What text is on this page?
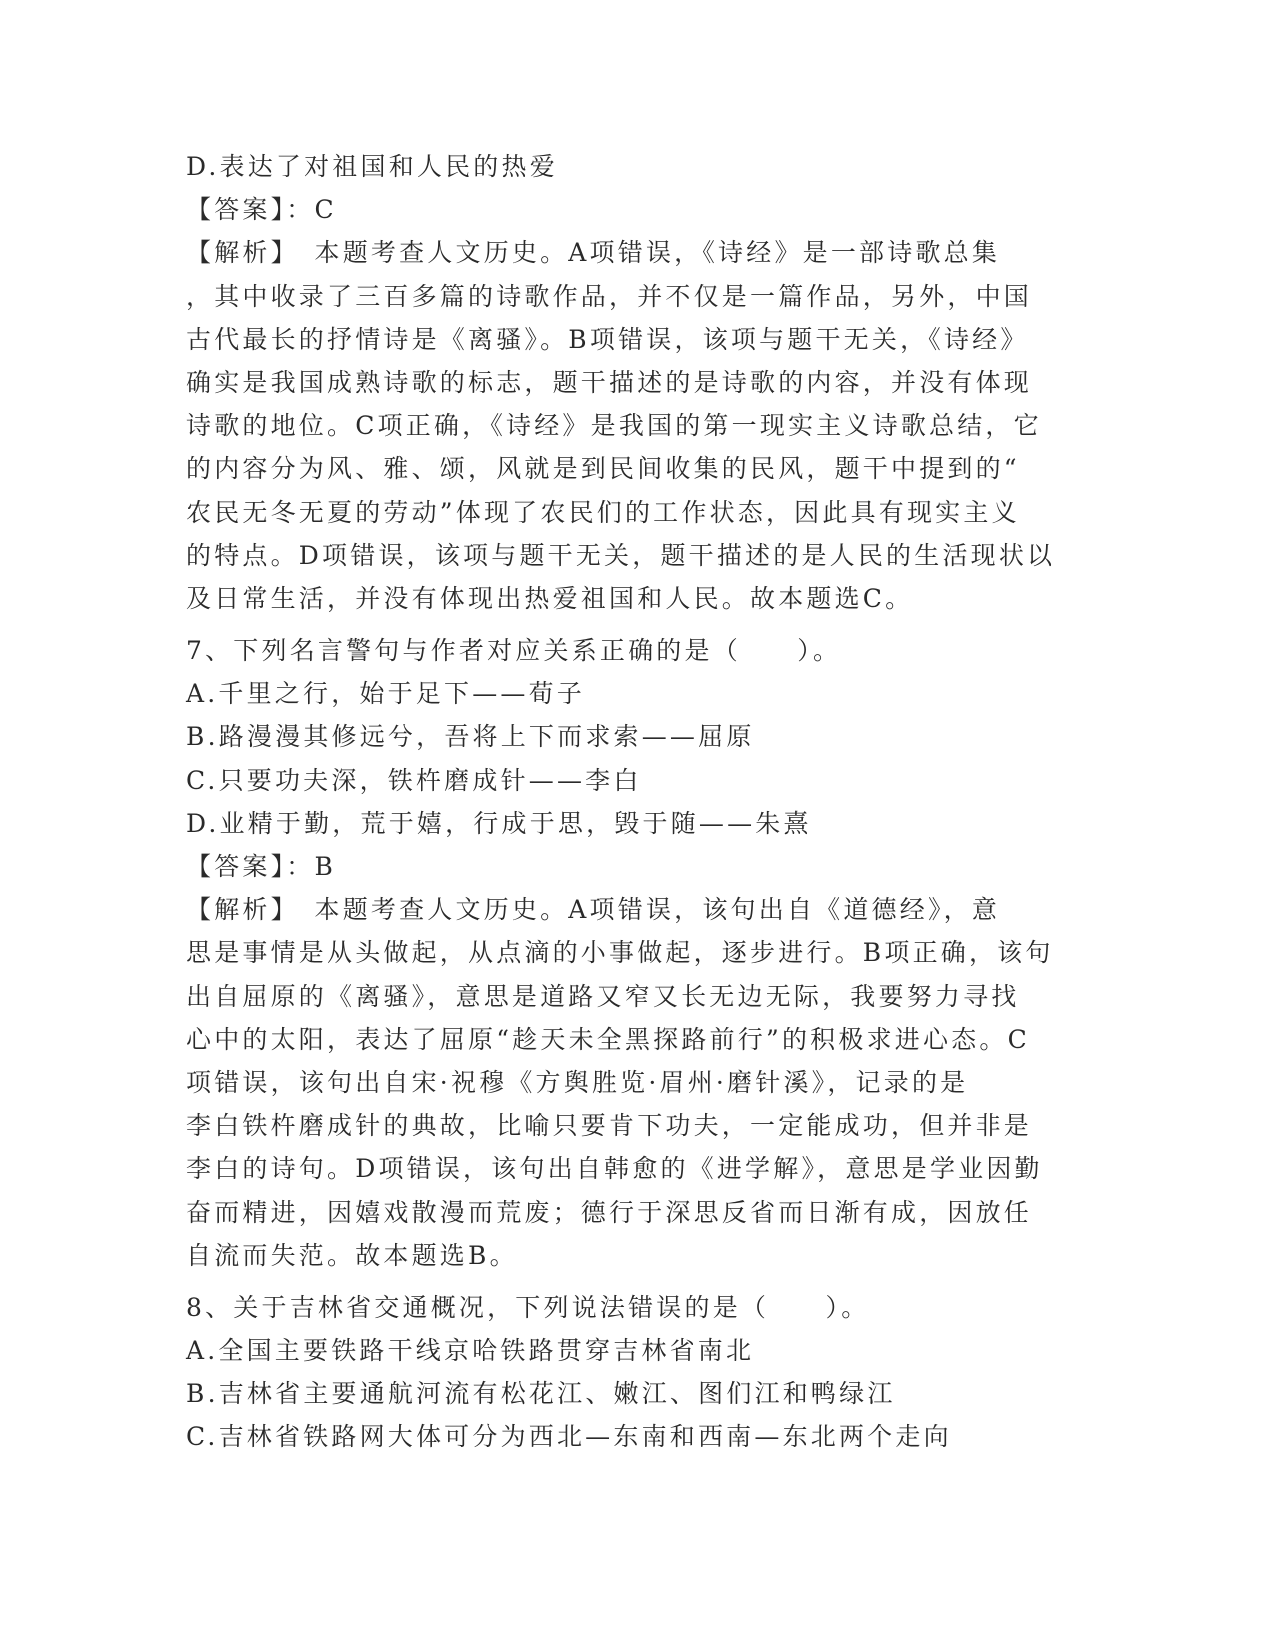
D.表达了对祖国和人民的热爱
【答案】：C
【解析】　本题考查人文历史。A项错误，《诗经》是一部诗歌总集
，其中收录了三百多篇的诗歌作品，并不仅是一篇作品，另外，中国
古代最长的抒情诗是《离骚》。B项错误，该项与题干无关，《诗经》
确实是我国成熟诗歌的标志，题干描述的是诗歌的内容，并没有体现
诗歌的地位。C项正确，《诗经》是我国的第一现实主义诗歌总结，它
的内容分为风、雅、颂，风就是到民间收集的民风，题干中提到的“
农民无冬无夏的劳动”体现了农民们的工作状态，因此具有现实主义
的特点。D项错误，该项与题干无关，题干描述的是人民的生活现状以
及日常生活，并没有体现出热爱祖国和人民。故本题选C。
7、下列名言警句与作者对应关系正确的是（　　）。
A.千里之行，始于足下——荀子
B.路漫漫其修远兮，吾将上下而求索——屈原
C.只要功夫深，铁杵磨成针——李白
D.业精于勤，荒于嬉，行成于思，毁于随——朱熹
【答案】：B
【解析】　本题考查人文历史。A项错误，该句出自《道德经》，意
思是事情是从头做起，从点滴的小事做起，逐步进行。B项正确，该句
出自屈原的《离骚》，意思是道路又窄又长无边无际，我要努力寻找
心中的太阳，表达了屈原“趁天未全黑探路前行”的积极求进心态。C
项错误，该句出自宋·祝穆《方舆胜览·眉州·磨针溪》，记录的是
李白铁杵磨成针的典故，比喻只要肯下功夫，一定能成功，但并非是
李白的诗句。D项错误，该句出自韩愈的《进学解》，意思是学业因勤
奋而精进，因嬉戏散漫而荒废；德行于深思反省而日渐有成，因放任
自流而失范。故本题选B。
8、关于吉林省交通概况，下列说法错误的是（　　）。
A.全国主要铁路干线京哈铁路贯穿吉林省南北
B.吉林省主要通航河流有松花江、嫩江、图们江和鸭绿江
C.吉林省铁路网大体可分为西北—东南和西南—东北两个走向
